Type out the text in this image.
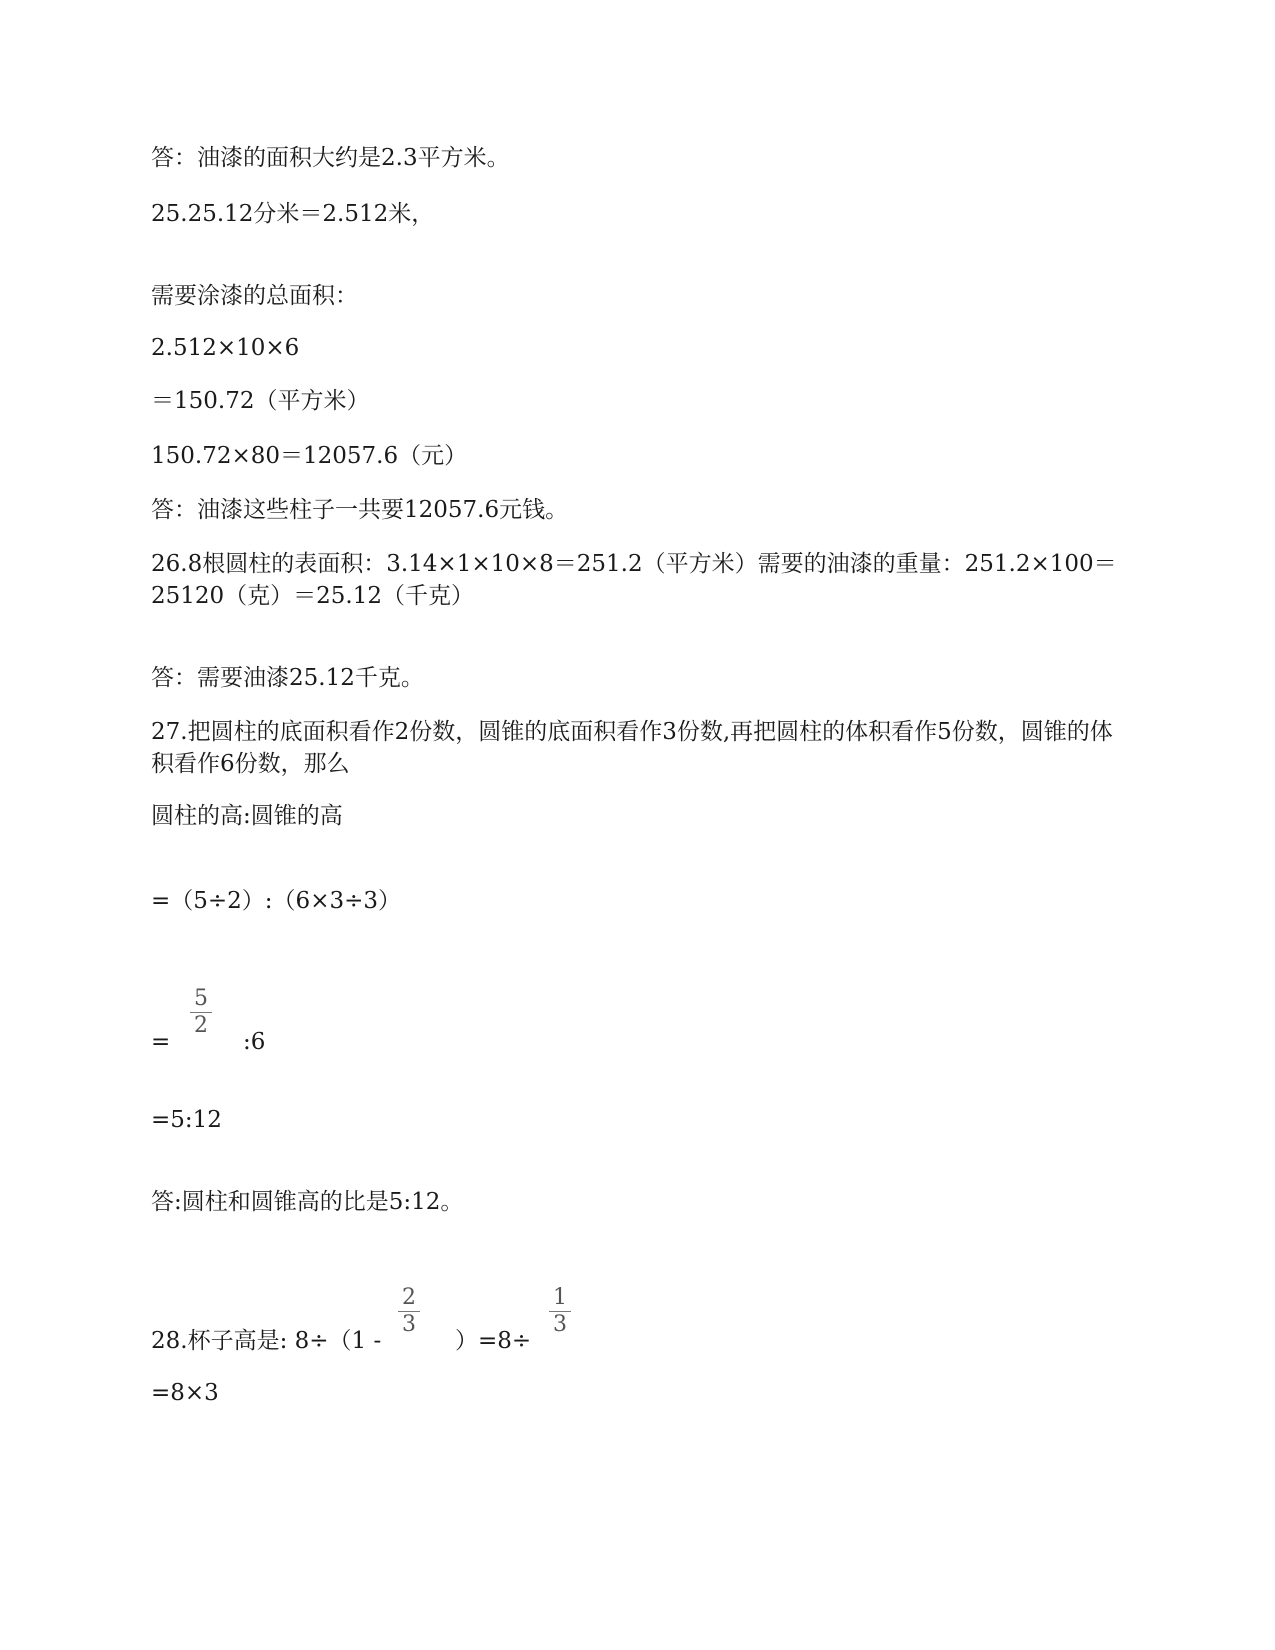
答：油漆的面积大约是2.3平方米。
25.25.12分米＝2.512米，
需要涂漆的总面积：
2.512×10×6
＝150.72（平方米）
150.72×80＝12057.6（元）
答：油漆这些柱子一共要12057.6元钱。
26.8根圆柱的表面积：3.14×1×10×8＝251.2（平方米）需要的油漆的重量：251.2×100＝25120（克）＝25.12（千克）
答：需要油漆25.12千克。
27.把圆柱的底面积看作2份数，圆锥的底面积看作3份数,再把圆柱的体积看作5份数，圆锥的体积看作6份数，那么
圆柱的高:圆锥的高
=（5÷2）:（6×3÷3）
=
5
2
:6
=5:12
答:圆柱和圆锥高的比是5:12。
28.杯子高是: 8÷（1 -
2
3
）=8÷
1
3
=8×3
